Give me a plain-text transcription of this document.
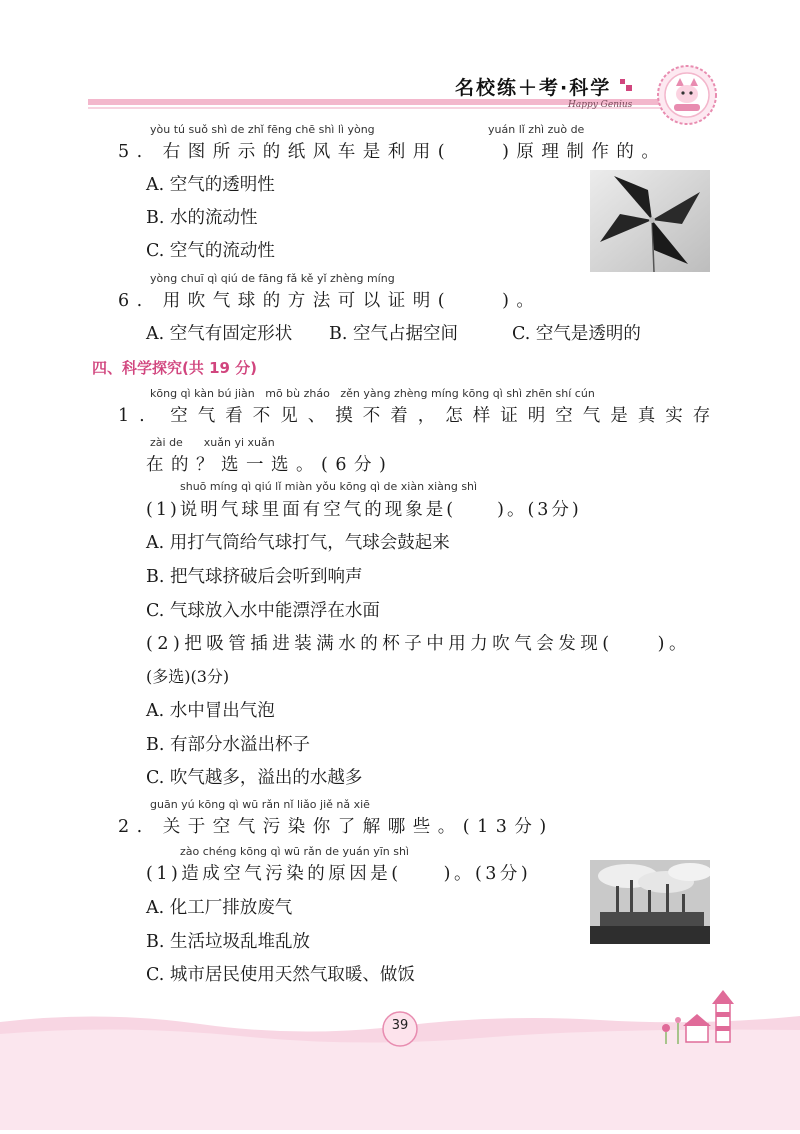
名校练＋考·科学
Happy Genius
yòu tú suǒ shì de zhǐ fēng chē shì lì yòng	yuán lǐ zhì zuò de
5. 右图所示的纸风车是利用(　　)原理制作的。
A. 空气的透明性
B. 水的流动性
C. 空气的流动性
yòng chuī qì qiú de fāng fǎ kě yǐ zhèng míng
6. 用吹气球的方法可以证明(　　)。
A. 空气有固定形状 B. 空气占据空间	C. 空气是透明的
四、科学探究(共 19 分)
kōng qì kàn bú jiàn   mō bù zháo   zěn yàng zhèng míng kōng qì shì zhēn shí cún
1. 空气看不见、摸不着，怎样证明空气是真实存
zài de      xuǎn yi xuǎn
在的？选一选。(6分)
shuō míng qì qiú lǐ miàn yǒu kōng qì de xiàn xiàng shì
(1)说明气球里面有空气的现象是(　　)。(3分)
A. 用打气筒给气球打气，气球会鼓起来
B. 把气球挤破后会听到响声
C. 气球放入水中能漂浮在水面
(2)把吸管插进装满水的杯子中用力吹气会发现(　　)。
(多选)(3分)
A. 水中冒出气泡
B. 有部分水溢出杯子
C. 吹气越多，溢出的水越多
guān yú kōng qì wū rǎn nǐ liǎo jiě nǎ xiē
2. 关于空气污染你了解哪些。(13分)
zào chéng kōng qì wū rǎn de yuán yīn shì
(1)造成空气污染的原因是(　　)。(3分)
A. 化工厂排放废气
B. 生活垃圾乱堆乱放
C. 城市居民使用天然气取暖、做饭
39
